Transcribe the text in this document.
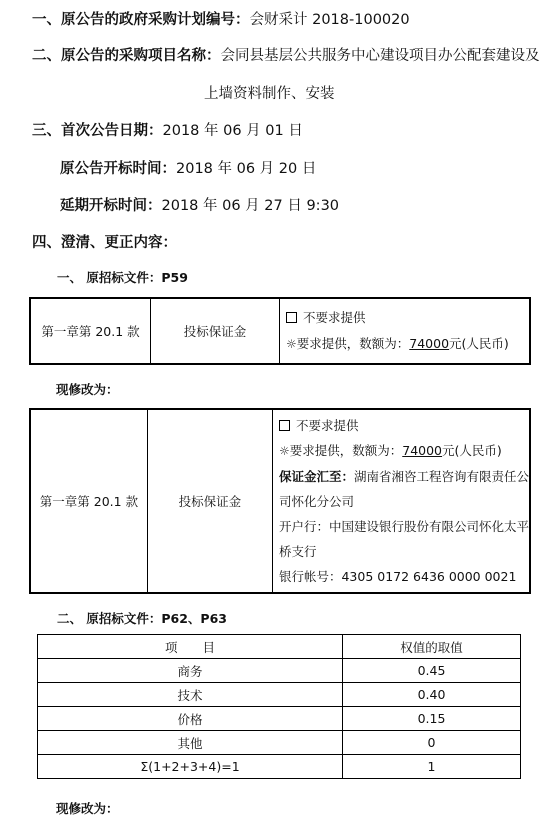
一、原公告的政府采购计划编号：会财采计 2018-100020
二、原公告的采购项目名称：会同县基层公共服务中心建设项目办公配套建设及
上墙资料制作、安装
三、首次公告日期：2018 年 06 月 01 日
原公告开标时间：2018 年 06 月 20 日
延期开标时间：2018 年 06 月 27 日 9:30
四、澄清、更正内容：
一、 原招标文件：P59
第一章第 20.1 款	投标保证金	
不要求提供
☼要求提供，数额为：74000元(人民币)
现修改为：
第一章第 20.1 款	投标保证金	
不要求提供
☼要求提供，数额为：74000元(人民币)
保证金汇至：湖南省湘咨工程咨询有限责任公
司怀化分公司
开户行：中国建设银行股份有限公司怀化太平
桥支行
银行帐号：4305 0172 6436 0000 0021
二、 原招标文件：P62、P63
项　　目	权值的取值
商务	0.45
技术	0.40
价格	0.15
其他	0
Σ(1+2+3+4)=1	1
现修改为：
